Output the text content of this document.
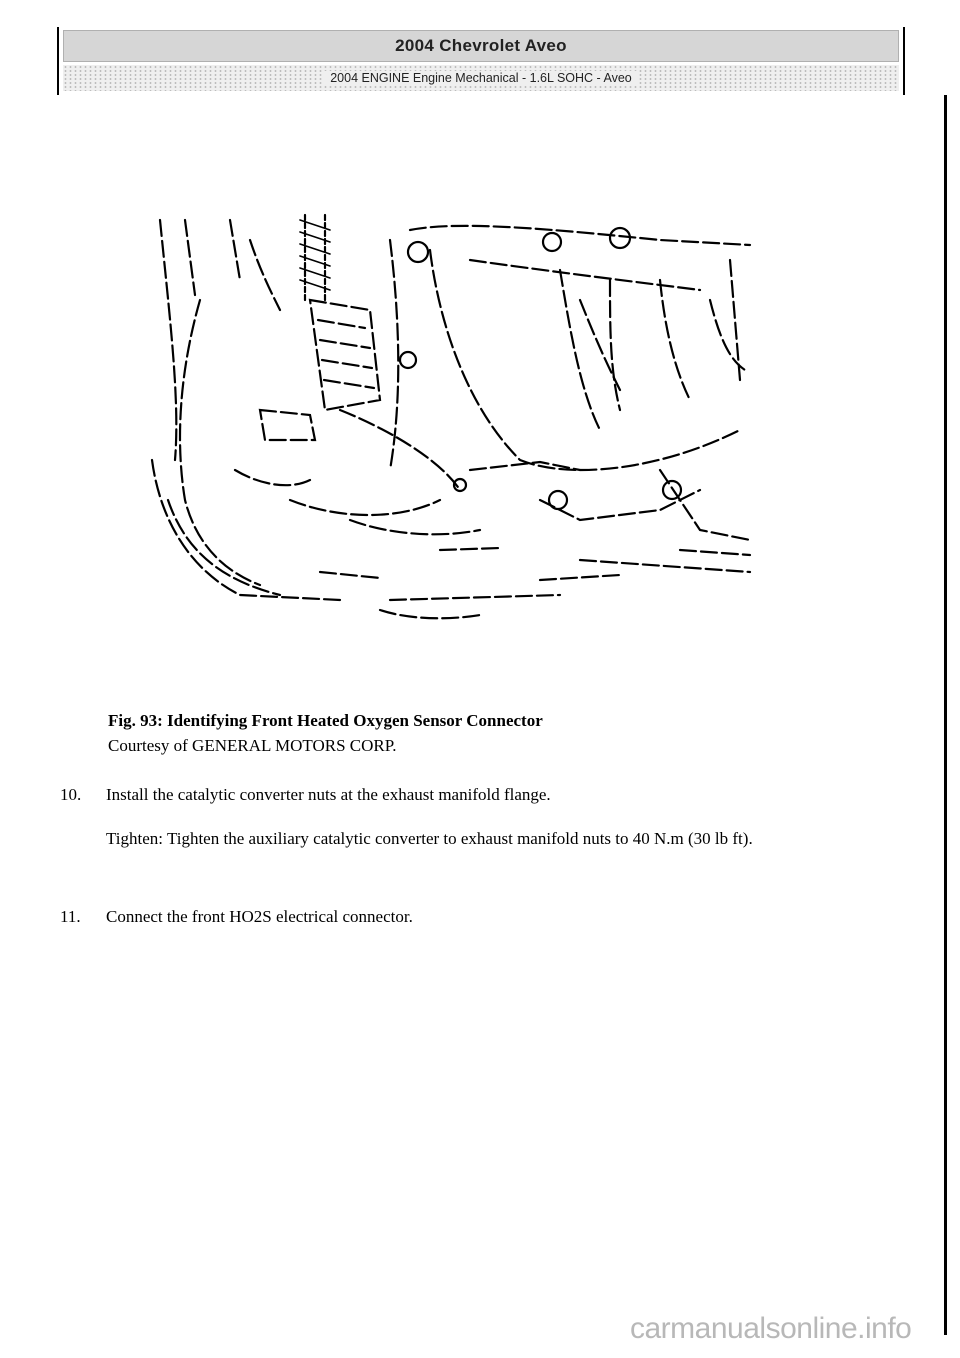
2004 Chevrolet Aveo
2004 ENGINE Engine Mechanical - 1.6L SOHC - Aveo
Fig. 93: Identifying Front Heated Oxygen Sensor Connector
Courtesy of GENERAL MOTORS CORP.
10. Install the catalytic converter nuts at the exhaust manifold flange.
Tighten: Tighten the auxiliary catalytic converter to exhaust manifold nuts to 40 N.m (30 lb ft).
11. Connect the front HO2S electrical connector.
carmanualsonline.info
